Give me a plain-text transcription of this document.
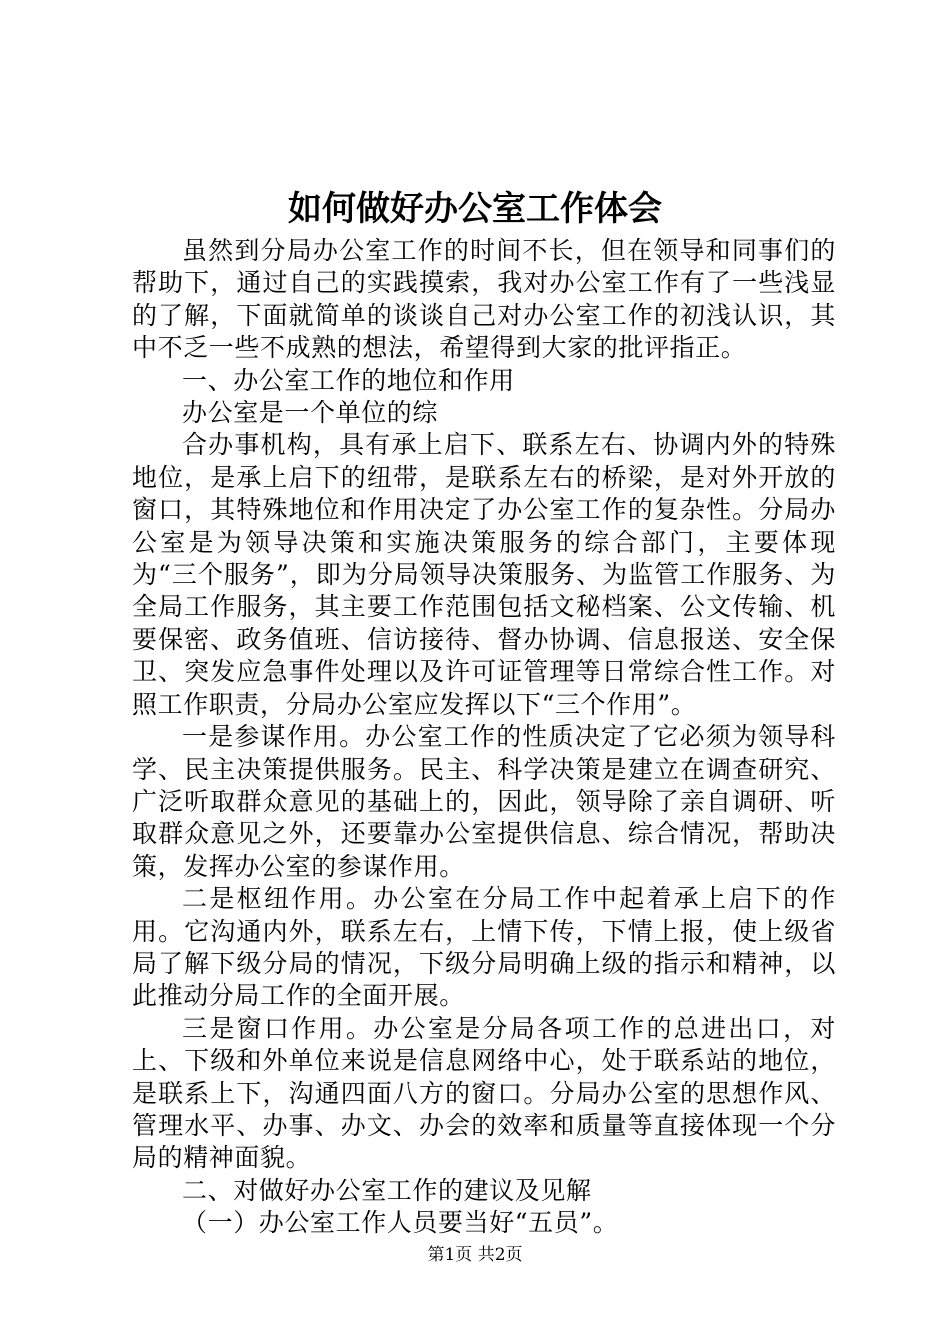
如何做好办公室工作体会

虽然到分局办公室工作的时间不长，但在领导和同事们的帮助下，通过自己的实践摸索，我对办公室工作有了一些浅显的了解，下面就简单的谈谈自己对办公室工作的初浅认识，其中不乏一些不成熟的想法，希望得到大家的批评指正。

一、办公室工作的地位和作用

办公室是一个单位的综

合办事机构，具有承上启下、联系左右、协调内外的特殊地位，是承上启下的纽带，是联系左右的桥梁，是对外开放的窗口，其特殊地位和作用决定了办公室工作的复杂性。分局办公室是为领导决策和实施决策服务的综合部门，主要体现为“三个服务”，即为分局领导决策服务、为监管工作服务、为全局工作服务，其主要工作范围包括文秘档案、公文传输、机要保密、政务值班、信访接待、督办协调、信息报送、安全保卫、突发应急事件处理以及许可证管理等日常综合性工作。对照工作职责，分局办公室应发挥以下“三个作用”。

一是参谋作用。办公室工作的性质决定了它必须为领导科学、民主决策提供服务。民主、科学决策是建立在调查研究、广泛听取群众意见的基础上的，因此，领导除了亲自调研、听取群众意见之外，还要靠办公室提供信息、综合情况，帮助决策，发挥办公室的参谋作用。

二是枢纽作用。办公室在分局工作中起着承上启下的作用。它沟通内外，联系左右，上情下传，下情上报，使上级省局了解下级分局的情况，下级分局明确上级的指示和精神，以此推动分局工作的全面开展。

三是窗口作用。办公室是分局各项工作的总进出口，对上、下级和外单位来说是信息网络中心，处于联系站的地位，是联系上下，沟通四面八方的窗口。分局办公室的思想作风、管理水平、办事、办文、办会的效率和质量等直接体现一个分局的精神面貌。

二、对做好办公室工作的建议及见解

（一）办公室工作人员要当好“五员”。

第1页 共2页
